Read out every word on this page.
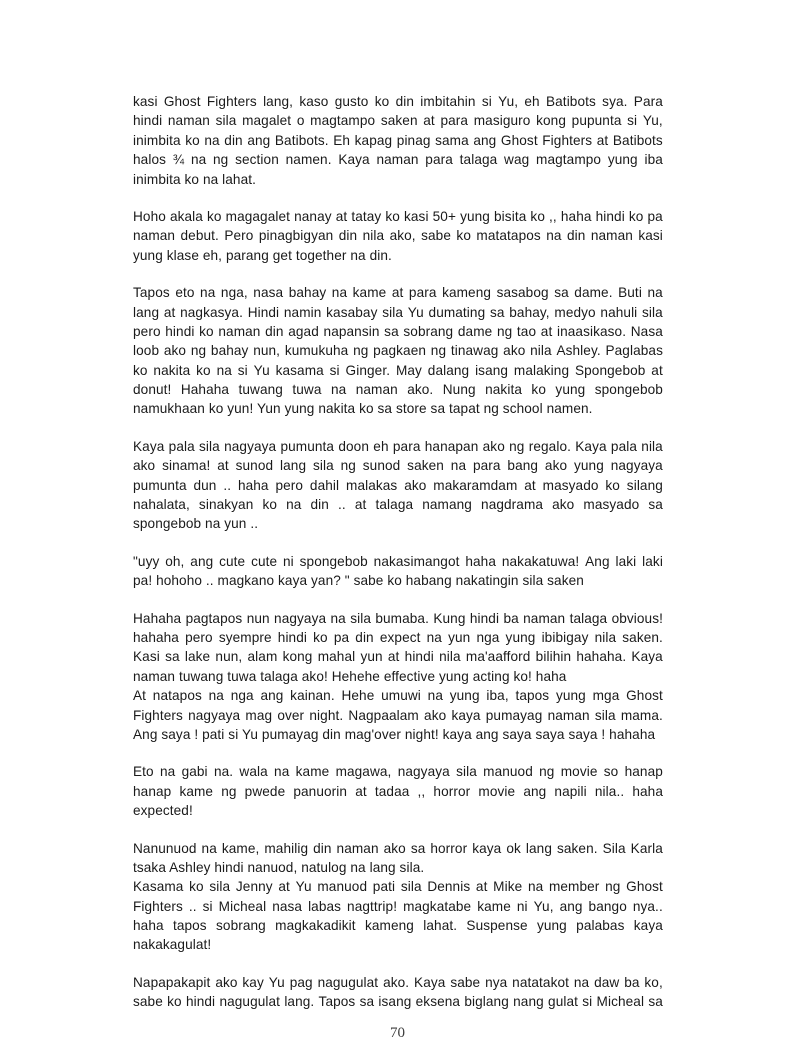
kasi Ghost Fighters lang, kaso gusto ko din imbitahin si Yu, eh Batibots sya. Para
hindi naman sila magalet o magtampo saken at para masiguro kong pupunta si Yu,
inimbita ko na din ang Batibots. Eh kapag pinag sama ang Ghost Fighters at Batibots
halos ¾ na ng section namen. Kaya naman para talaga wag magtampo yung iba
inimbita ko na lahat.
Hoho akala ko magagalet nanay at tatay ko kasi 50+ yung bisita ko ,, haha hindi ko pa
naman debut. Pero pinagbigyan din nila ako, sabe ko matatapos na din naman kasi
yung klase eh, parang get together na din.
Tapos eto na nga, nasa bahay na kame at para kameng sasabog sa dame. Buti na
lang at nagkasya. Hindi namin kasabay sila Yu dumating sa bahay, medyo nahuli sila
pero hindi ko naman din agad napansin sa sobrang dame ng tao at inaasikaso. Nasa
loob ako ng bahay nun, kumukuha ng pagkaen ng tinawag ako nila Ashley. Paglabas
ko nakita ko na si Yu kasama si Ginger. May dalang isang malaking Spongebob at
donut! Hahaha tuwang tuwa na naman ako. Nung nakita ko yung spongebob
namukhaan ko yun! Yun yung nakita ko sa store sa tapat ng school namen.
Kaya pala sila nagyaya pumunta doon eh para hanapan ako ng regalo. Kaya pala nila
ako sinama! at sunod lang sila ng sunod saken na para bang ako yung nagyaya
pumunta dun .. haha pero dahil malakas ako makaramdam at masyado ko silang
nahalata, sinakyan ko na din .. at talaga namang nagdrama ako masyado sa
spongebob na yun ..
"uyy oh, ang cute cute ni spongebob nakasimangot haha nakakatuwa! Ang laki laki
pa! hohoho .. magkano kaya yan? " sabe ko habang nakatingin sila saken
Hahaha pagtapos nun nagyaya na sila bumaba. Kung hindi ba naman talaga obvious!
hahaha pero syempre hindi ko pa din expect na yun nga yung ibibigay nila saken.
Kasi sa lake nun, alam kong mahal yun at hindi nila ma'aafford bilihin hahaha. Kaya
naman tuwang tuwa talaga ako! Hehehe effective yung acting ko! haha
At natapos na nga ang kainan. Hehe umuwi na yung iba, tapos yung mga Ghost
Fighters nagyaya mag over night. Nagpaalam ako kaya pumayag naman sila mama.
Ang saya ! pati si Yu pumayag din mag'over night! kaya ang saya saya saya ! hahaha
Eto na gabi na. wala na kame magawa, nagyaya sila manuod ng movie so hanap
hanap kame ng pwede panuorin at tadaa ,, horror movie ang napili nila.. haha
expected!
Nanunuod na kame, mahilig din naman ako sa horror kaya ok lang saken. Sila Karla
tsaka Ashley hindi nanuod, natulog na lang sila.
Kasama ko sila Jenny at Yu manuod pati sila Dennis at Mike na member ng Ghost
Fighters .. si Micheal nasa labas nagttrip! magkatabe kame ni Yu, ang bango nya..
haha tapos sobrang magkakadikit kameng lahat. Suspense yung palabas kaya
nakakagulat!
Napapakapit ako kay Yu pag nagugulat ako. Kaya sabe nya natatakot na daw ba ko,
sabe ko hindi nagugulat lang. Tapos sa isang eksena biglang nang gulat si Micheal sa
70
